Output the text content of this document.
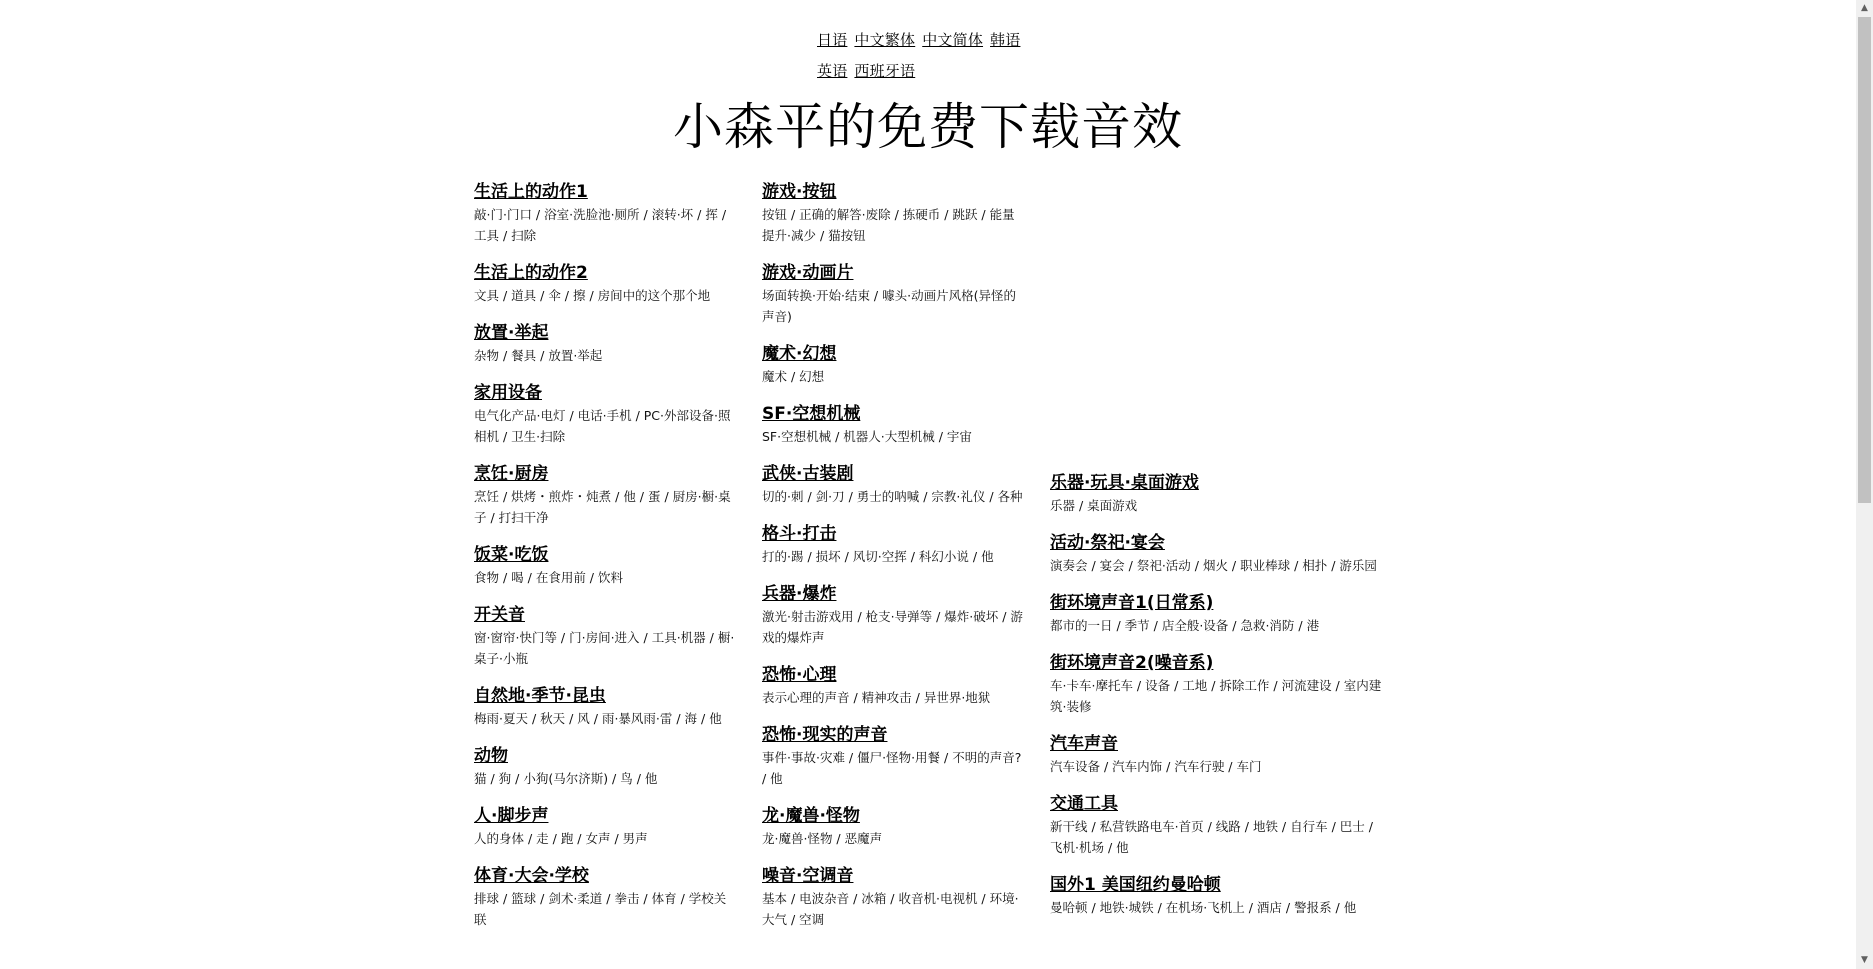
日语 中文繁体 中文简体 韩语
英语 西班牙语
小森平的免费下载音效
生活上的动作1

敲·门·门口 / 浴室·洗脸池·厕所 / 滚转·坏 / 挥 / 工具 / 扫除

生活上的动作2

文具 / 道具 / 伞 / 擦 / 房间中的这个那个地

放置·举起

杂物 / 餐具 / 放置·举起

家用设备

电气化产品·电灯 / 电话·手机 / PC·外部设备·照相机 / 卫生·扫除

烹饪·厨房

烹饪 / 烘烤・煎炸・炖煮 / 他 / 蛋 / 厨房·橱·桌子 / 打扫干净

饭菜·吃饭

食物 / 喝 / 在食用前 / 饮料

开关音

窗·窗帘·快门等 / 门·房间·进入 / 工具·机器 / 橱·桌子·小瓶

自然地·季节·昆虫

梅雨·夏天 / 秋天 / 风 / 雨·暴风雨·雷 / 海 / 他

动物

猫 / 狗 / 小狗(马尔济斯) / 鸟 / 他

人·脚步声

人的身体 / 走 / 跑 / 女声 / 男声

体育·大会·学校

排球 / 篮球 / 剑术·柔道 / 拳击 / 体育 / 学校关联

游戏·按钮

按钮 / 正确的解答·废除 / 拣硬币 / 跳跃 / 能量提升·减少 / 猫按钮

游戏·动画片

场面转换·开始·结束 / 噱头·动画片风格(异怪的声音)

魔术·幻想

魔术 / 幻想

SF·空想机械

SF·空想机械 / 机器人·大型机械 / 宇宙

武侠·古装剧

切的·刺 / 剑·刀 / 勇士的呐喊 / 宗教·礼仪 / 各种

格斗·打击

打的·踢 / 损坏 / 风切·空挥 / 科幻小说 / 他

兵器·爆炸

激光·射击游戏用 / 枪支·导弹等 / 爆炸·破坏 / 游戏的爆炸声

恐怖·心理

表示心理的声音 / 精神攻击 / 异世界·地狱

恐怖·现实的声音

事件·事故·灾难 / 僵尸·怪物·用餐 / 不明的声音? / 他

龙·魔兽·怪物

龙·魔兽·怪物 / 恶魔声

噪音·空调音

基本 / 电波杂音 / 冰箱 / 收音机·电视机 / 环境·大气 / 空调

乐器·玩具·桌面游戏

乐器 / 桌面游戏

活动·祭祀·宴会

演奏会 / 宴会 / 祭祀·活动 / 烟火 / 职业棒球 / 相扑 / 游乐园

街环境声音1(日常系)

都市的一日 / 季节 / 店全般·设备 / 急救·消防 / 港

街环境声音2(噪音系)

车·卡车·摩托车 / 设备 / 工地 / 拆除工作 / 河流建设 / 室内建筑·装修

汽车声音

汽车设备 / 汽车内饰 / 汽车行驶 / 车门

交通工具

新干线 / 私营铁路电车·首页 / 线路 / 地铁 / 自行车 / 巴士 / 飞机·机场 / 他

国外1 美国纽约曼哈顿

曼哈顿 / 地铁·城铁 / 在机场·飞机上 / 酒店 / 警报系 / 他

▲
▼
